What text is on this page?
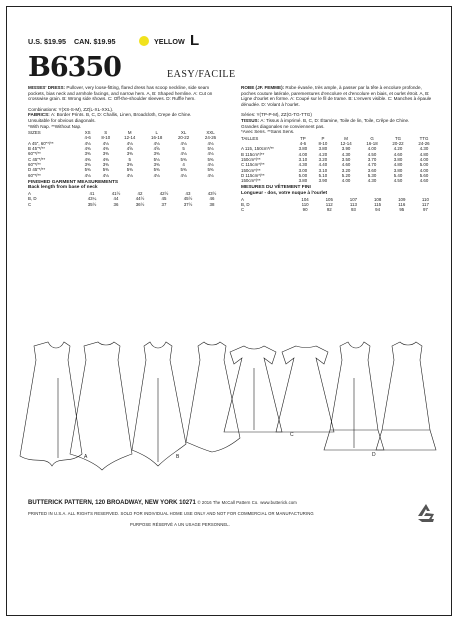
U.S. $19.95 CAN. $19.95	YELLOW L
B6350	EASY/FACILE
MISSES' DRESS: Pullover, very loose-fitting, flared dress has scoop neckline, side seam pockets, bias neck and armhole facings, and narrow hem. A, B: Shaped hemline. A: Cut on crosswise grain. B: Wrong side shows. C: Off-the-shoulder sleeves. D: Ruffle hem.
Combinations: Y(XS-S-M), ZZ(L-XL-XXL).
FABRICS: A: Border Prints. B, C, D: Challis, Linen, Broadcloth, Crepe de Chine.
Unsuitable for obvious diagonals.
*With Nap. **Without Nap.
SIZES	XS	S	M	L	XL	XXL
	4-6	8-10	12-14	16-18	20-22	24-26
A 45", 60"*/**	4⅛	4⅛	4⅛	4⅛	4⅛	4⅛
B 45"*/**	4⅜	4⅜	4⅝	4⅝	5	5⅛
60"*/**	3⅜	3⅜	3⅜	3⅜	4⅛	4⅛
C 45"*/**	4⅜	4⅜	5	5⅛	5⅜	5⅜
60"*/**	3⅜	3⅜	3⅜	3⅜	4	4⅛
D 45"*/**	5⅜	5⅜	5⅜	5⅜	5⅜	5⅜
60"*/**	4⅛	4⅛	4⅛	4⅛	4⅛	4⅛
FINISHED GARMENT MEASUREMENTS
Back length from base of neck
A	41	41½	42	42½	43	43½
B, D	43¼	44	44½	45	45½	46
C	35½	36	36½	37	37½	38
ROBE (JF. FEMME): Robe évasée, très ample, à passer par la tête à encolure profonde, poches couture latérale, parementures d'encolure et d'encolure en biais, et ourlet étroit. A, B: Ligne d'ourlet en forme. A: Coupé sur le fil de trame. B: L'envers visible. C: Manches à épaule dénudée. D: Volant à l'ourlet.
Séries: Y(TP-P-M), ZZ(G-TG-TTG)
TISSUS: A: Tissus à imprimé. B, C, D: Étamine, Toile de lin, Toile, Crêpe de Chine.
Grandes diagonales ne conviennent pas.
*Avec Sens. **Sans Sens.
TAILLES	TP	P	M	G	TG	TTG
	4-6	8-10	12-14	16-18	20-22	24-26
A 115, 150cm*/**	3.80	3.80	3.90	4.00	4.20	4.30
B 115cm*/**	4.00	4.20	4.30	4.50	4.60	4.80
150cm*/**	3.10	3.20	3.50	3.70	3.80	4.00
C 115cm*/**	4.30	4.40	4.60	4.70	4.80	5.00
150cm*/**	3.00	3.10	3.20	3.60	3.80	4.00
D 115cm*/**	5.00	5.10	5.20	5.30	5.40	5.60
150cm*/**	3.80	3.90	4.00	4.30	4.50	4.60
MESURES DU VÊTEMENT FINI
Longueur - dos, votre nuque à l'ourlet
A	104	105	107	108	109	110
B, D	110	112	113	115	116	117
C	90	92	93	94	95	97
A	B
C
D
BUTTERICK PATTERN, 120 BROADWAY, NEW YORK 10271 © 2016 The McCall Pattern Co. www.butterick.com
PRINTED IN U.S.A. ALL RIGHTS RESERVED. SOLD FOR INDIVIDUAL HOME USE ONLY AND NOT FOR COMMERCIAL OR MANUFACTURING
PURPOSE RÉSERVÉ A UN USAGE PERSONNEL.
